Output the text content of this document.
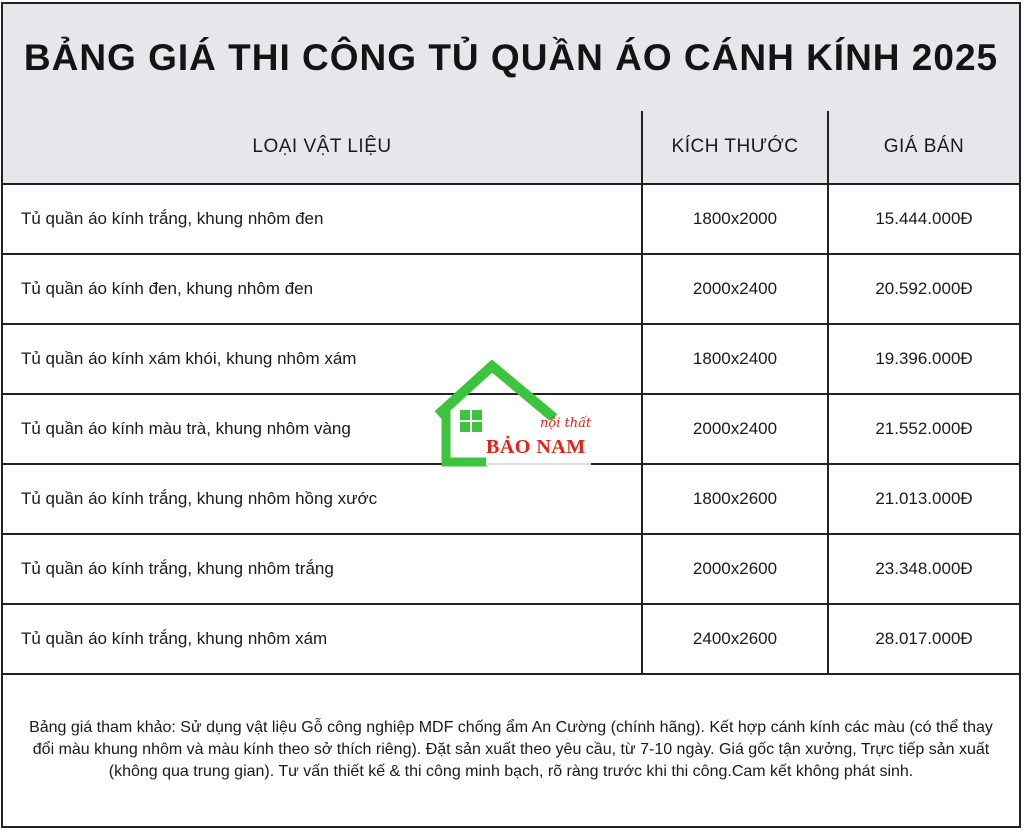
BẢNG GIÁ THI CÔNG TỦ QUẦN ÁO CÁNH KÍNH 2025
LOẠI VẬT LIỆU	KÍCH THƯỚC	GIÁ BÁN
Tủ quần áo kính trắng, khung nhôm đen	1800x2000	15.444.000Đ
Tủ quần áo kính đen, khung nhôm đen	2000x2400	20.592.000Đ
Tủ quần áo kính xám khói, khung nhôm xám	1800x2400	19.396.000Đ
Tủ quần áo kính màu trà, khung nhôm vàng	2000x2400	21.552.000Đ
Tủ quần áo kính trắng, khung nhôm hồng xước	1800x2600	21.013.000Đ
Tủ quần áo kính trắng, khung nhôm trắng	2000x2600	23.348.000Đ
Tủ quần áo kính trắng, khung nhôm xám	2400x2600	28.017.000Đ
Bảng giá tham khảo: Sử dụng vật liệu Gỗ công nghiệp MDF chống ẩm An Cường (chính hãng). Kết hợp cánh kính các màu (có thể thay đổi màu khung nhôm và màu kính theo sở thích riêng). Đặt sản xuất theo yêu cầu, từ 7-10 ngày. Giá gốc tận xưởng, Trực tiếp sản xuất (không qua trung gian). Tư vấn thiết kế & thi công minh bạch, rõ ràng trước khi thi công.Cam kết không phát sinh.
nội thất
BẢO NAM
